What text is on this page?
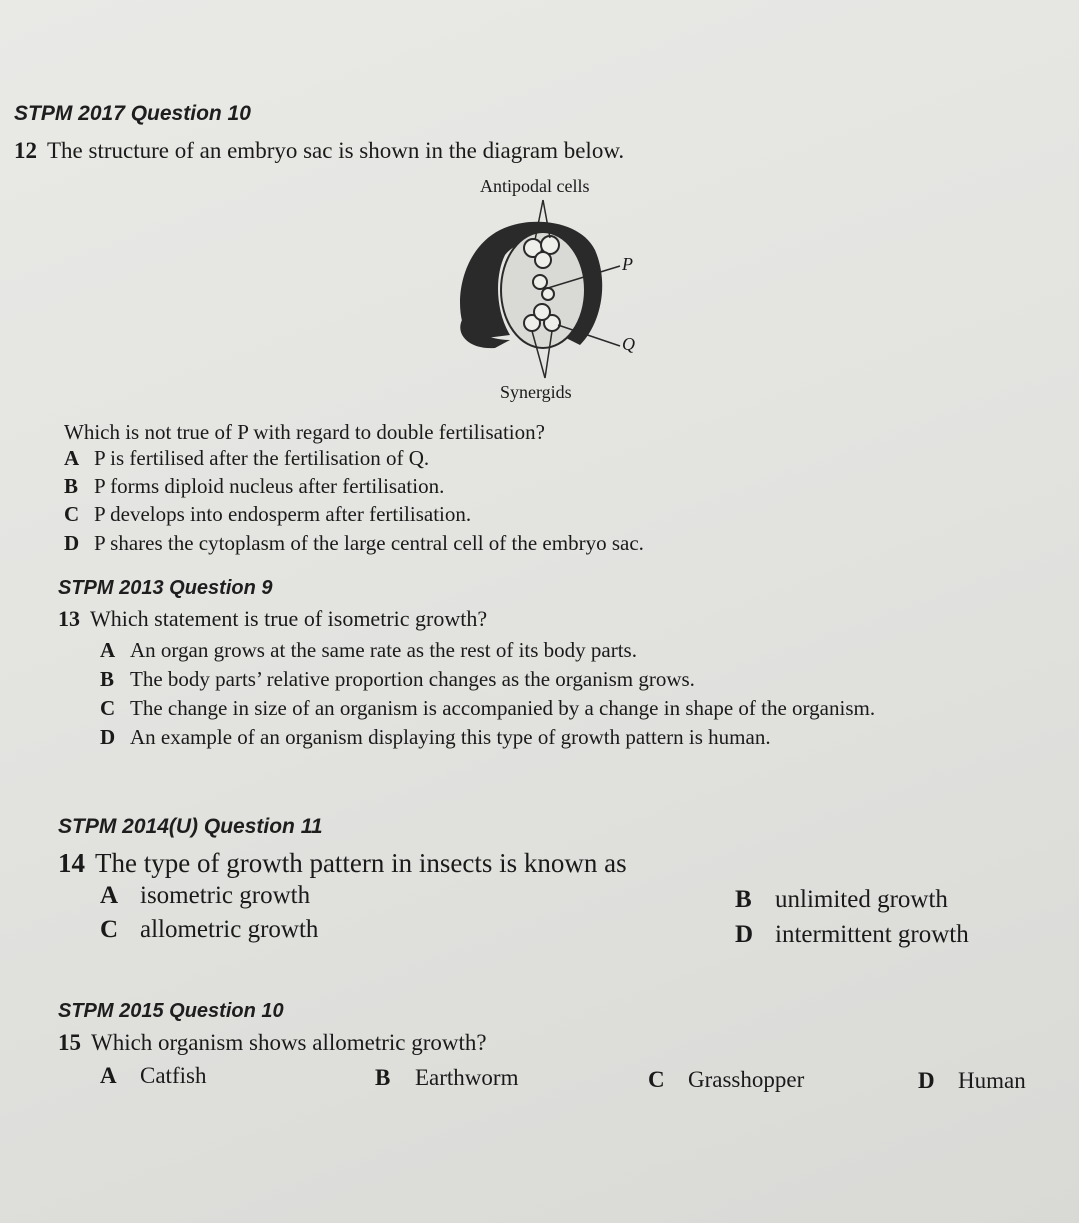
STPM 2017 Question 10
12 The structure of an embryo sac is shown in the diagram below.
Antipodal cells
P
Q
Synergids
Which is not true of P with regard to double fertilisation?
A P is fertilised after the fertilisation of Q.
B P forms diploid nucleus after fertilisation.
C P develops into endosperm after fertilisation.
D P shares the cytoplasm of the large central cell of the embryo sac.
STPM 2013 Question 9
13 Which statement is true of isometric growth?
A An organ grows at the same rate as the rest of its body parts.
B The body parts’ relative proportion changes as the organism grows.
C The change in size of an organism is accompanied by a change in shape of the organism.
D An example of an organism displaying this type of growth pattern is human.
STPM 2014(U) Question 11
14 The type of growth pattern in insects is known as
A isometric growth	B unlimited growth
C allometric growth	D intermittent growth
STPM 2015 Question 10
15 Which organism shows allometric growth?
A Catfish	B Earthworm	C Grasshopper	D Human
